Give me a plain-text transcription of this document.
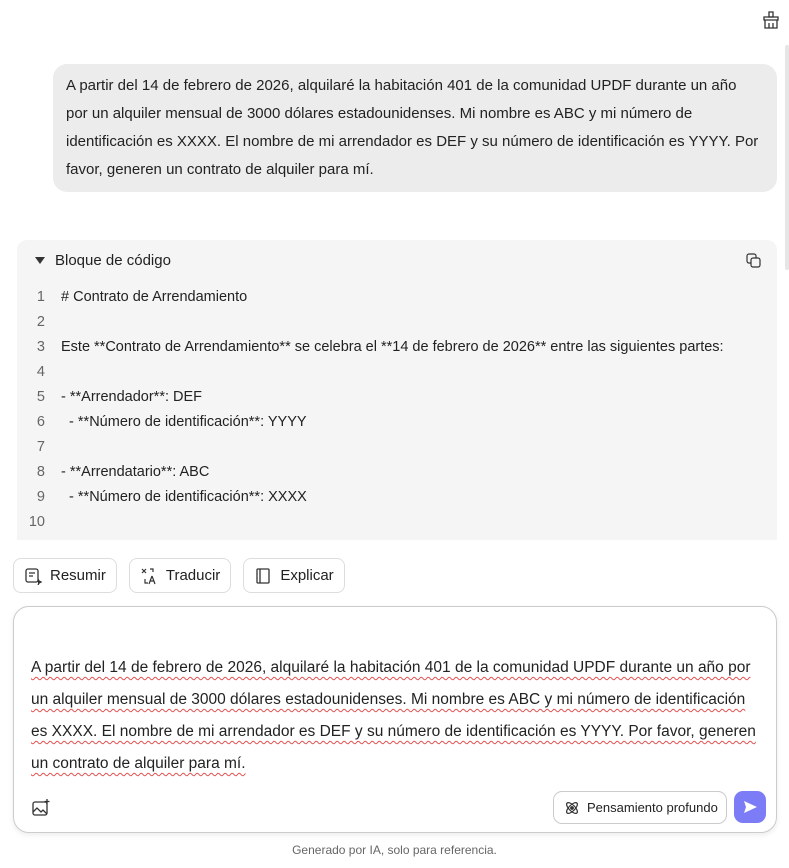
A partir del 14 de febrero de 2026, alquilaré la habitación 401 de la comunidad UPDF durante un año por un alquiler mensual de 3000 dólares estadounidenses. Mi nombre es ABC y mi número de identificación es XXXX. El nombre de mi arrendador es DEF y su número de identificación es YYYY. Por favor, generen un contrato de alquiler para mí.
Bloque de código
1	# Contrato de Arrendamiento
2
3	Este **Contrato de Arrendamiento** se celebra el **14 de febrero de 2026** entre las siguientes partes:
4
5	- **Arrendador**: DEF
6	- **Número de identificación**: YYYY
7
8	- **Arrendatario**: ABC
9	- **Número de identificación**: XXXX
10
Resumir	Traducir	Explicar
A partir del 14 de febrero de 2026, alquilaré la habitación 401 de la comunidad UPDF durante un año por un alquiler mensual de 3000 dólares estadounidenses. Mi nombre es ABC y mi número de identificación es XXXX. El nombre de mi arrendador es DEF y su número de identificación es YYYY. Por favor, generen un contrato de alquiler para mí.
Pensamiento profundo
Generado por IA, solo para referencia.
